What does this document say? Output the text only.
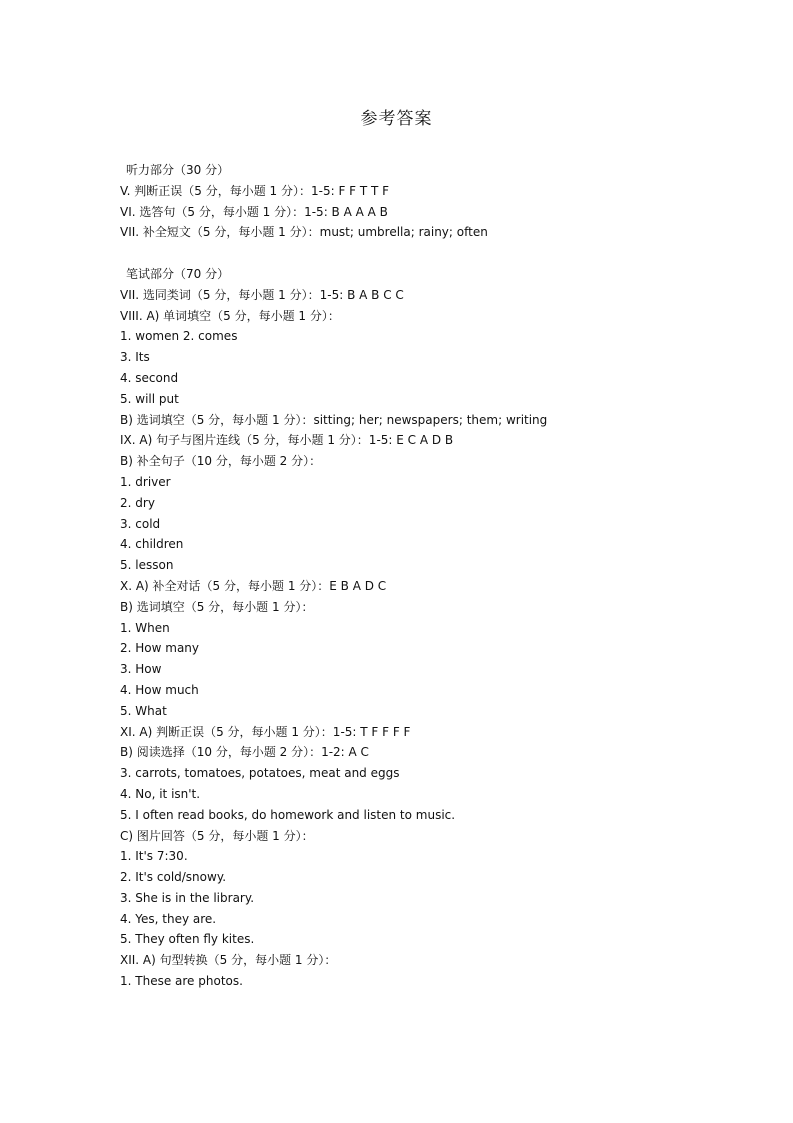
参考答案
听力部分（30 分）
V. 判断正误（5 分，每小题 1 分）：1-5: F F T T F
VI. 选答句（5 分，每小题 1 分）：1-5: B A A A B
VII. 补全短文（5 分，每小题 1 分）：must; umbrella; rainy; often
笔试部分（70 分）
VII. 选同类词（5 分，每小题 1 分）：1-5: B A B C C
VIII. A) 单词填空（5 分，每小题 1 分）：
1. women 2. comes
3. Its
4. second
5. will put
B) 选词填空（5 分，每小题 1 分）：sitting; her; newspapers; them; writing
IX. A) 句子与图片连线（5 分，每小题 1 分）：1-5: E C A D B
B) 补全句子（10 分，每小题 2 分）：
1. driver
2. dry
3. cold
4. children
5. lesson
X. A) 补全对话（5 分，每小题 1 分）：E B A D C
B) 选词填空（5 分，每小题 1 分）：
1. When
2. How many
3. How
4. How much
5. What
XI. A) 判断正误（5 分，每小题 1 分）：1-5: T F F F F
B) 阅读选择（10 分，每小题 2 分）：1-2: A C
3. carrots, tomatoes, potatoes, meat and eggs
4. No, it isn't.
5. I often read books, do homework and listen to music.
C) 图片回答（5 分，每小题 1 分）：
1. It's 7:30.
2. It's cold/snowy.
3. She is in the library.
4. Yes, they are.
5. They often fly kites.
XII. A) 句型转换（5 分，每小题 1 分）：
1. These are photos.
